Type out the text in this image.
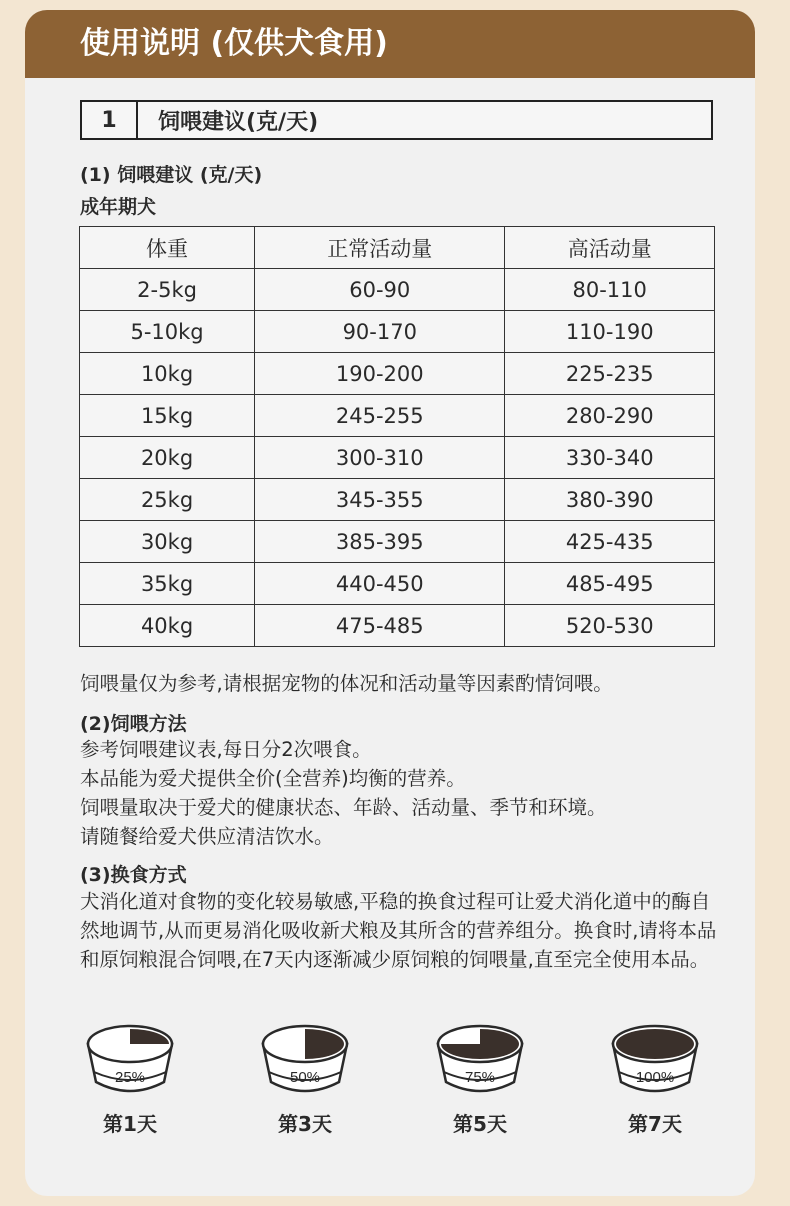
使用说明 (仅供犬食用)
1	饲喂建议(克/天)
(1) 饲喂建议 (克/天)
成年期犬
体重	正常活动量	高活动量
2-5kg	60-90	80-110
5-10kg	90-170	110-190
10kg	190-200	225-235
15kg	245-255	280-290
20kg	300-310	330-340
25kg	345-355	380-390
30kg	385-395	425-435
35kg	440-450	485-495
40kg	475-485	520-530
饲喂量仅为参考,请根据宠物的体况和活动量等因素酌情饲喂。
(2)饲喂方法
参考饲喂建议表,每日分2次喂食。
本品能为爱犬提供全价(全营养)均衡的营养。
饲喂量取决于爱犬的健康状态、年龄、活动量、季节和环境。
请随餐给爱犬供应清洁饮水。
(3)换食方式
犬消化道对食物的变化较易敏感,平稳的换食过程可让爱犬消化道中的酶自然地调节,从而更易消化吸收新犬粮及其所含的营养组分。换食时,请将本品和原饲粮混合饲喂,在7天内逐渐减少原饲粮的饲喂量,直至完全使用本品。
25%
第1天
50%
第3天
75%
第5天
100%
第7天
